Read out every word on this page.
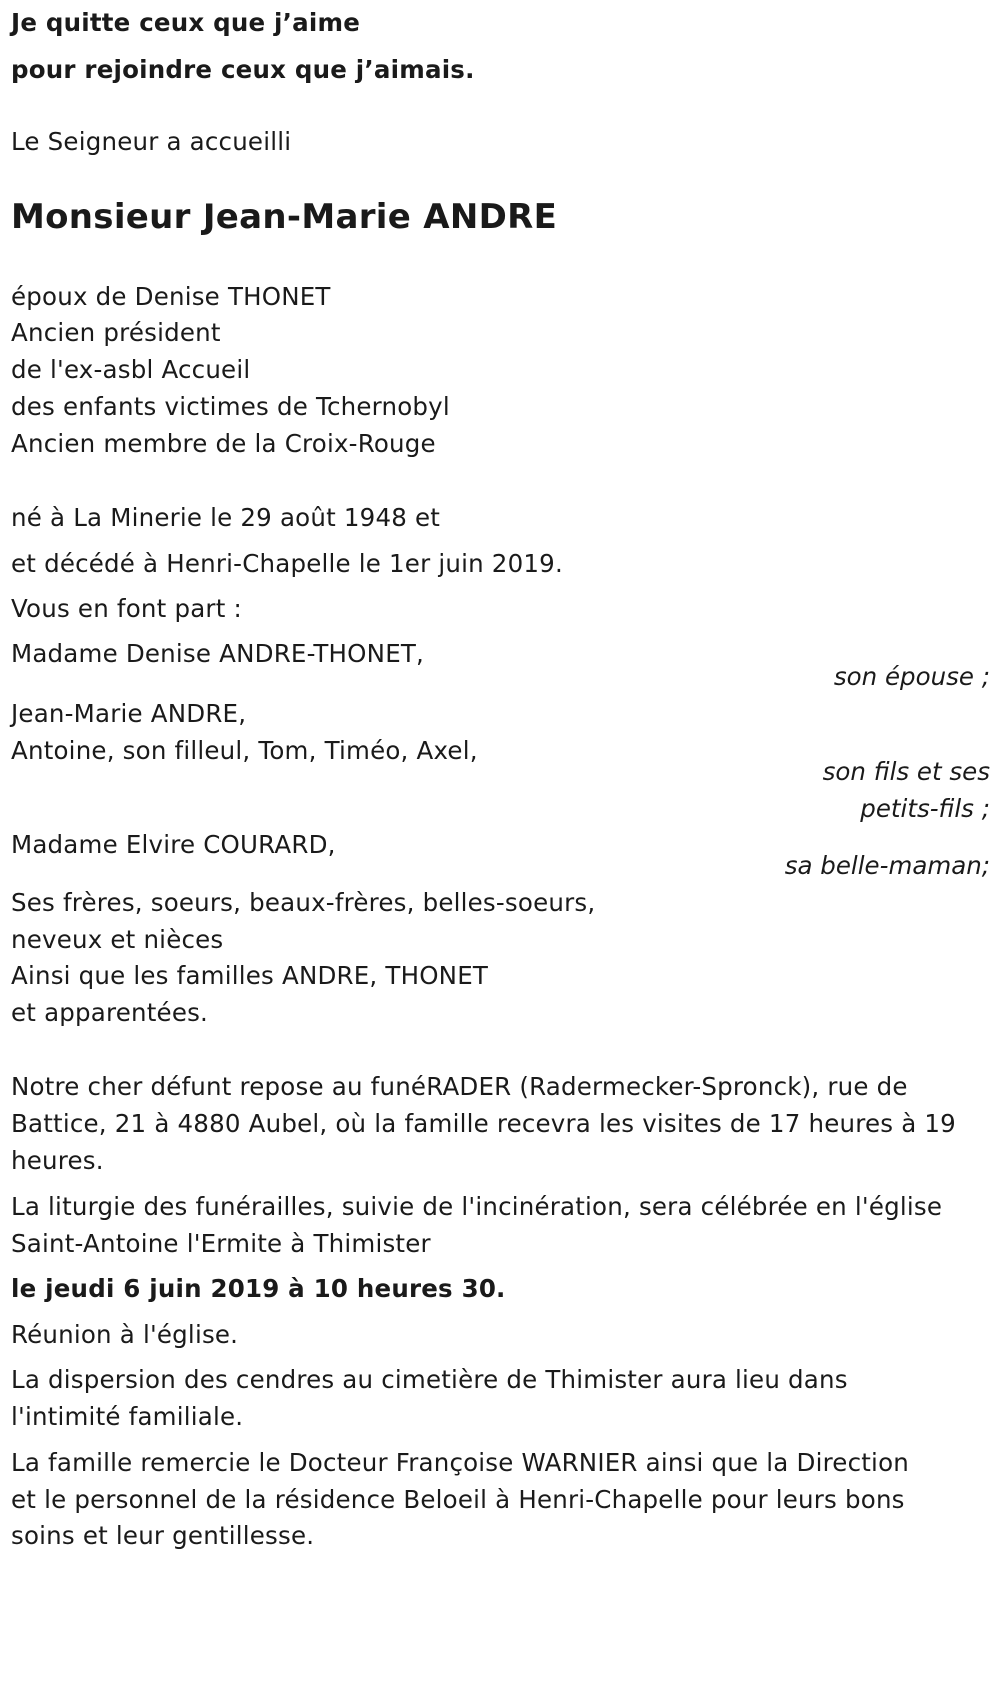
Je quitte ceux que j’aime

pour rejoindre ceux que j’aimais.

Le Seigneur a accueilli

Monsieur Jean-Marie ANDRE

époux de Denise THONET

Ancien président

de l'ex-asbl Accueil

des enfants victimes de Tchernobyl

Ancien membre de la Croix-Rouge

né à La Minerie le 29 août 1948 et

et décédé à Henri-Chapelle le 1er juin 2019.

Vous en font part :

Madame Denise ANDRE-THONET,

son épouse ;

Jean-Marie ANDRE,

Antoine, son filleul, Tom, Timéo, Axel,

son fils et ses

petits-fils ;

Madame Elvire COURARD,

sa belle-maman;

Ses frères, soeurs, beaux-frères, belles-soeurs,

neveux et nièces

Ainsi que les familles ANDRE, THONET

et apparentées.

Notre cher défunt repose au funéRADER (Radermecker-Spronck), rue de

Battice, 21 à 4880 Aubel, où la famille recevra les visites de 17 heures à 19

heures.

La liturgie des funérailles, suivie de l'incinération, sera célébrée en l'église

Saint-Antoine l'Ermite à Thimister

le jeudi 6 juin 2019 à 10 heures 30.

Réunion à l'église.

La dispersion des cendres au cimetière de Thimister aura lieu dans

l'intimité familiale.

La famille remercie le Docteur Françoise WARNIER ainsi que la Direction

et le personnel de la résidence Beloeil à Henri-Chapelle pour leurs bons

soins et leur gentillesse.
